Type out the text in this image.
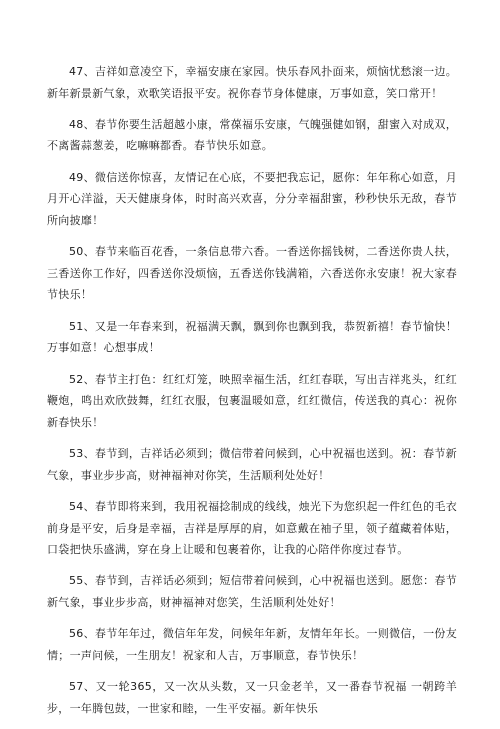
47、吉祥如意凌空下，幸福安康在家园。快乐春风扑面来，烦恼忧愁滚一边。新年新景新气象，欢歌笑语报平安。祝你春节身体健康，万事如意，笑口常开！

48、春节你要生活超越小康，常葆福乐安康，气魄强健如钢，甜蜜入对成双，不离酱蒜葱姜，吃嘛嘛都香。春节快乐如意。

49、微信送你惊喜，友情记在心底，不要把我忘记，愿你：年年称心如意，月月开心洋溢，天天健康身体，时时高兴欢喜，分分幸福甜蜜，秒秒快乐无敌，春节所向披靡！

50、春节来临百花香，一条信息带六香。一香送你摇钱树，二香送你贵人扶，三香送你工作好，四香送你没烦恼，五香送你钱满箱，六香送你永安康！祝大家春节快乐！

51、又是一年春来到，祝福满天飘，飘到你也飘到我，恭贺新禧！春节愉快！万事如意！心想事成！

52、春节主打色：红红灯笼，映照幸福生活，红红春联，写出吉祥兆头，红红鞭炮，鸣出欢欣鼓舞，红红衣服，包裹温暖如意，红红微信，传送我的真心：祝你新春快乐！

53、春节到，吉祥话必须到；微信带着问候到，心中祝福也送到。祝：春节新气象，事业步步高，财神福神对你笑，生活顺利处处好！

54、春节即将来到，我用祝福捻制成的线线，烛光下为您织起一件红色的毛衣 前身是平安，后身是幸福，吉祥是厚厚的肩，如意戴在袖子里，领子蕴藏着体贴，口袋把快乐盛满，穿在身上让暖和包裹着你，让我的心陪伴你度过春节。

55、春节到，吉祥话必须到；短信带着问候到，心中祝福也送到。愿您：春节新气象，事业步步高，财神福神对您笑，生活顺利处处好！

56、春节年年过，微信年年发，问候年年新，友情年年长。一则微信，一份友情；一声问候，一生朋友！祝家和人吉，万事顺意，春节快乐！

57、又一轮365，又一次从头数，又一只金老羊，又一番春节祝福 一朝跨羊步，一年腾包鼓，一世家和睦，一生平安福。新年快乐
